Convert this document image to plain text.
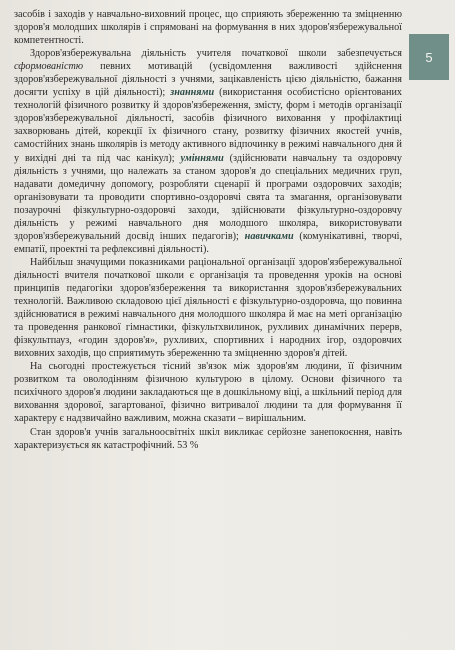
5

засобів і заходів у навчально-виховний процес, що сприяють збереженню та зміцненню здоров'я молодших школярів і спрямовані на формування в них здоров'язбережувальної компетентності.

Здоров'язбережувальна діяльність учителя початкової школи забезпечується сформованістю певних мотивацій (усвідомлення важливості здійснення здоров'язбережувальної діяльності з учнями, зацікавленість цією діяльністю, бажання досягти успіху в цій діяльності); знаннями (використання особистісно орієнтованих технологій фізичного розвитку й здоров'язбереження, змісту, форм і методів організації здоров'язбережувальної діяльності, засобів фізичного виховання у профілактиці захворювань дітей, корекції їх фізичного стану, розвитку фізичних якостей учнів, самостійних знань школярів із методу активного відпочинку в режимі навчального дня й у вихідні дні та під час канікул); уміннями (здійснювати навчальну та оздоровчу діяльність з учнями, що належать за станом здоров'я до спеціальних медичних груп, надавати домедичну допомогу, розробляти сценарії й програми оздоровчих заходів; організовувати та проводити спортивно-оздоровчі свята та змагання, організовувати позаурочні фізкультурно-оздоровчі заходи, здійснювати фізкультурно-оздоровчу діяльність у режимі навчального дня молодшого школяра, використовувати здоров'язбережувальний досвід інших педагогів); навичками (комунікативні, творчі, емпатії, проектні та рефлексивні діяльності).

Найбільш значущими показниками раціональної організації здоров'язбережувальної діяльності вчителя початкової школи є організація та проведення уроків на основі принципів педагогіки здоров'язбереження та використання здоров'язбережувальних технологій. Важливою складовою цієї діяльності є фізкультурно-оздоровча, що повинна здійснюватися в режимі навчального дня молодшого школяра й має на меті організацію та проведення ранкової гімнастики, фізкультхвилинок, рухливих динамічних перерв, фізкультпауз, «годин здоров'я», рухливих, спортивних і народних ігор, оздоровчих виховних заходів, що сприятимуть збереженню та зміцненню здоров'я дітей.

На сьогодні простежується тісний зв'язок між здоров'ям людини, її фізичним розвитком та оволодінням фізичною культурою в цілому. Основи фізичного та психічного здоров'я людини закладаються ще в дошкільному віці, а шкільний період для виховання здорової, загартованої, фізично витривалої людини та для формування її характеру є надзвичайно важливим, можна сказати – вирішальним.

Стан здоров'я учнів загальноосвітніх шкіл викликає серйозне занепокоєння, навіть характеризується як катастрофічний. 53 %
